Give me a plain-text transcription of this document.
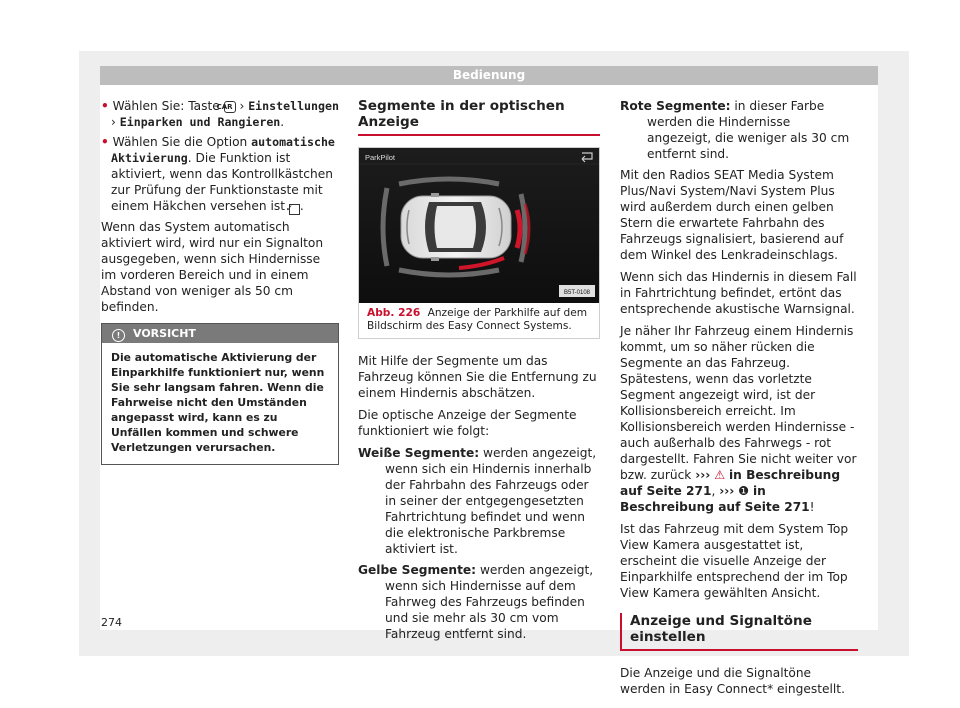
Bedienung

• Wählen Sie: Taste CAR › Einstellungen › Einparken und Rangieren.

• Wählen Sie die Option automatische Aktivierung. Die Funktion ist aktiviert, wenn das Kontrollkästchen zur Prüfung der Funktionstaste mit einem Häkchen versehen ist ✓ .

Wenn das System automatisch aktiviert wird, wird nur ein Signalton ausgegeben, wenn sich Hindernisse im vorderen Bereich und in einem Abstand von weniger als 50 cm befinden.

! VORSICHT
Die automatische Aktivierung der Einparkhilfe funktioniert nur, wenn Sie sehr langsam fahren. Wenn die Fahrweise nicht den Umständen angepasst wird, kann es zu Unfällen kommen und schwere Verletzungen verursachen.
Segmente in der optischen Anzeige
ParkPilot
B5T-0108
Abb. 226 Anzeige der Parkhilfe auf dem Bildschirm des Easy Connect Systems.

Mit Hilfe der Segmente um das Fahrzeug können Sie die Entfernung zu einem Hindernis abschätzen.

Die optische Anzeige der Segmente funktioniert wie folgt:

Weiße Segmente: werden angezeigt, wenn sich ein Hindernis innerhalb der Fahrbahn des Fahrzeugs oder in seiner der entgegengesetzten Fahrtrichtung befindet und wenn die elektronische Parkbremse aktiviert ist.

Gelbe Segmente: werden angezeigt, wenn sich Hindernisse auf dem Fahrweg des Fahrzeugs befinden und sie mehr als 30 cm vom Fahrzeug entfernt sind.

Rote Segmente: in dieser Farbe werden die Hindernisse angezeigt, die weniger als 30 cm entfernt sind.

Mit den Radios SEAT Media System Plus/Navi System/Navi System Plus wird außerdem durch einen gelben Stern die erwartete Fahrbahn des Fahrzeugs signalisiert, basierend auf dem Winkel des Lenkradeinschlags.

Wenn sich das Hindernis in diesem Fall in Fahrtrichtung befindet, ertönt das entsprechende akustische Warnsignal.

Je näher Ihr Fahrzeug einem Hindernis kommt, um so näher rücken die Segmente an das Fahrzeug. Spätestens, wenn das vorletzte Segment angezeigt wird, ist der Kollisionsbereich erreicht. Im Kollisionsbereich werden Hindernisse - auch außerhalb des Fahrwegs - rot dargestellt. Fahren Sie nicht weiter vor bzw. zurück ››› ⚠ in Beschreibung auf Seite 271, ››› ❶ in Beschreibung auf Seite 271!

Ist das Fahrzeug mit dem System Top View Kamera ausgestattet ist, erscheint die visuelle Anzeige der Einparkhilfe entsprechend der im Top View Kamera gewählten Ansicht.

Anzeige und Signaltöne einstellen

Die Anzeige und die Signaltöne werden in Easy Connect* eingestellt.

274
